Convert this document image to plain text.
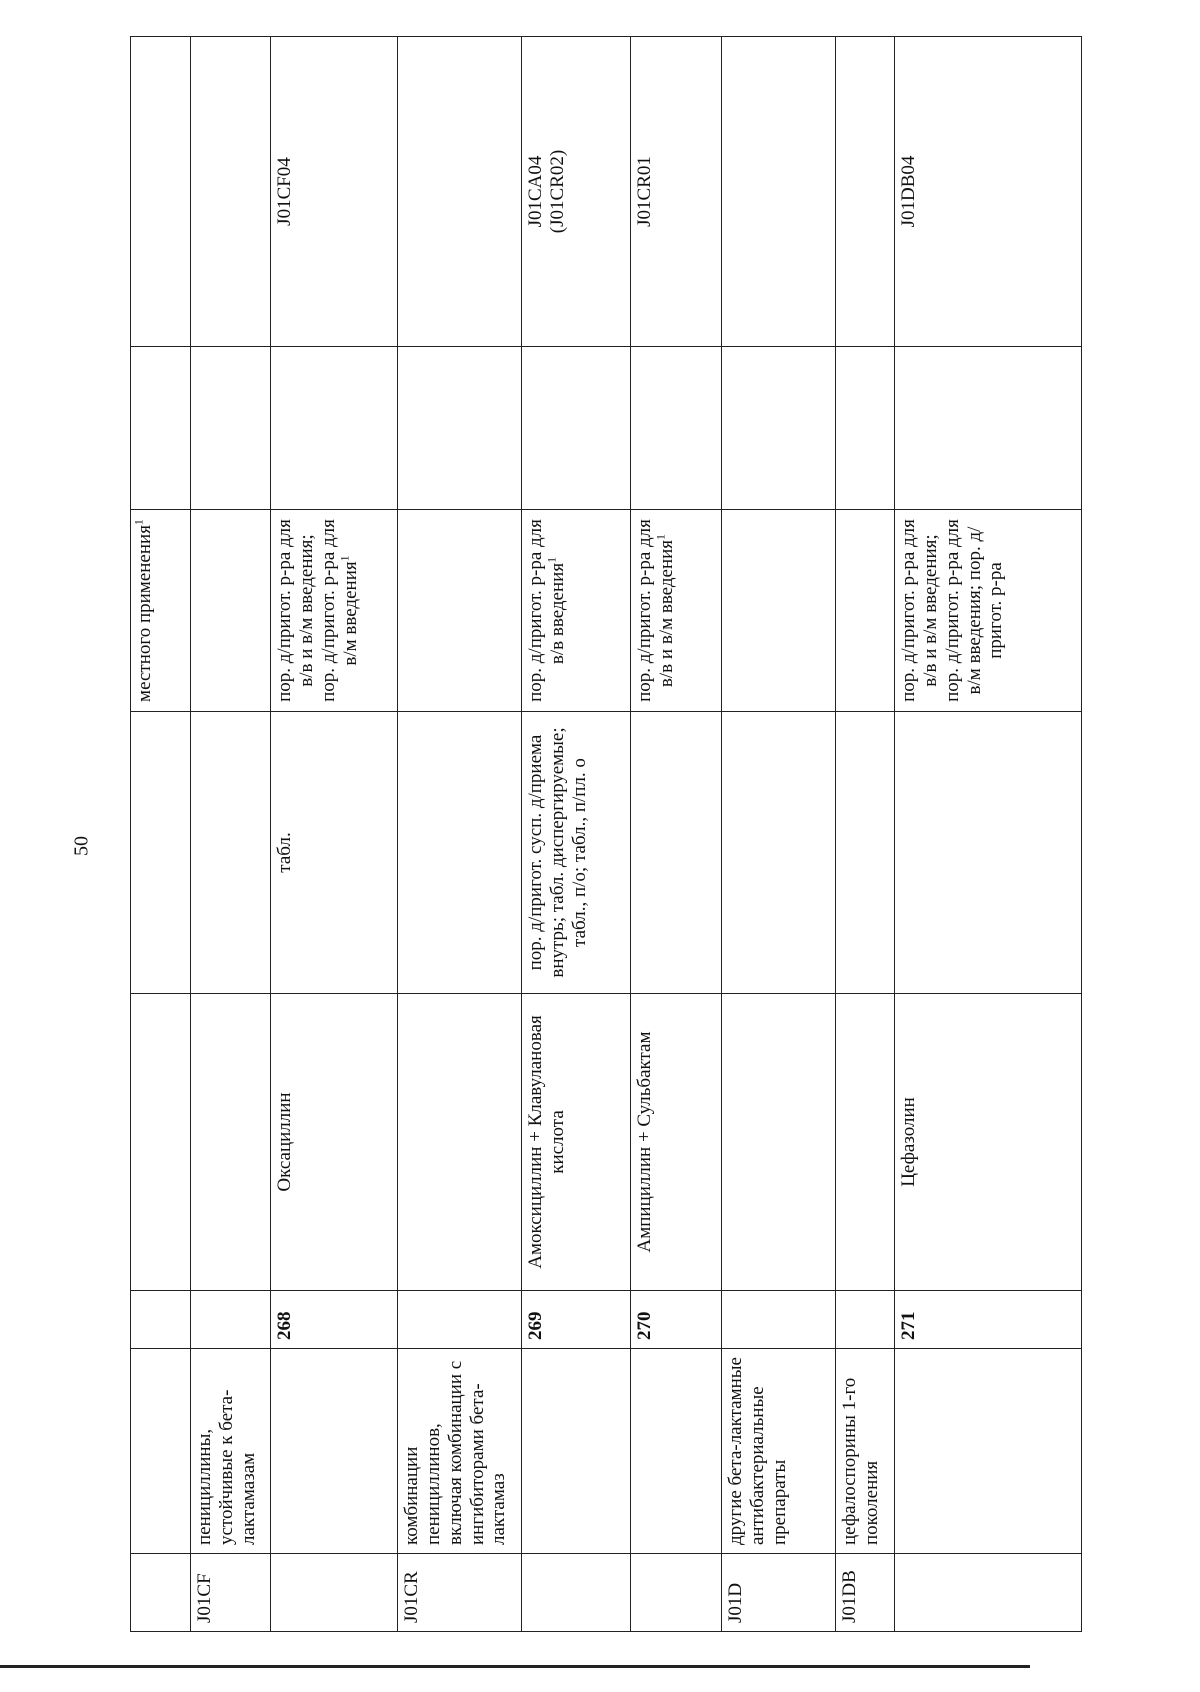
50
					местного применения$^1$		
J01CF	пенициллины, устойчивые к бета-лактамазам						
		268	Оксациллин	табл.	пор. д/пригот. р-ра для в/в и в/м введения; пор. д/пригот. р-ра для в/м введения$^1$		J01CF04
J01CR	комбинации пенициллинов, включая комбинации с ингибиторами бета-лактамаз						
		269	Амоксициллин + Клавулановая кислота	пор. д/пригот. сусп. д/приема внутрь; табл. диспергируемые; табл., п/о; табл., п/пл. о	пор. д/пригот. р-ра для в/в введения$^1$		J01CA04
(J01CR02)
		270	Ампициллин + Сульбактам		пор. д/пригот. р-ра для в/в и в/м введения$^1$		J01CR01
J01D	другие бета-лактамные антибактериальные препараты						
J01DB	цефалоспорины 1-го поколения						
		271	Цефазолин		пор. д/пригот. р-ра для в/в и в/м введения; пор. д/пригот. р-ра для в/м введения; пор. д/пригот. р-ра		J01DB04
